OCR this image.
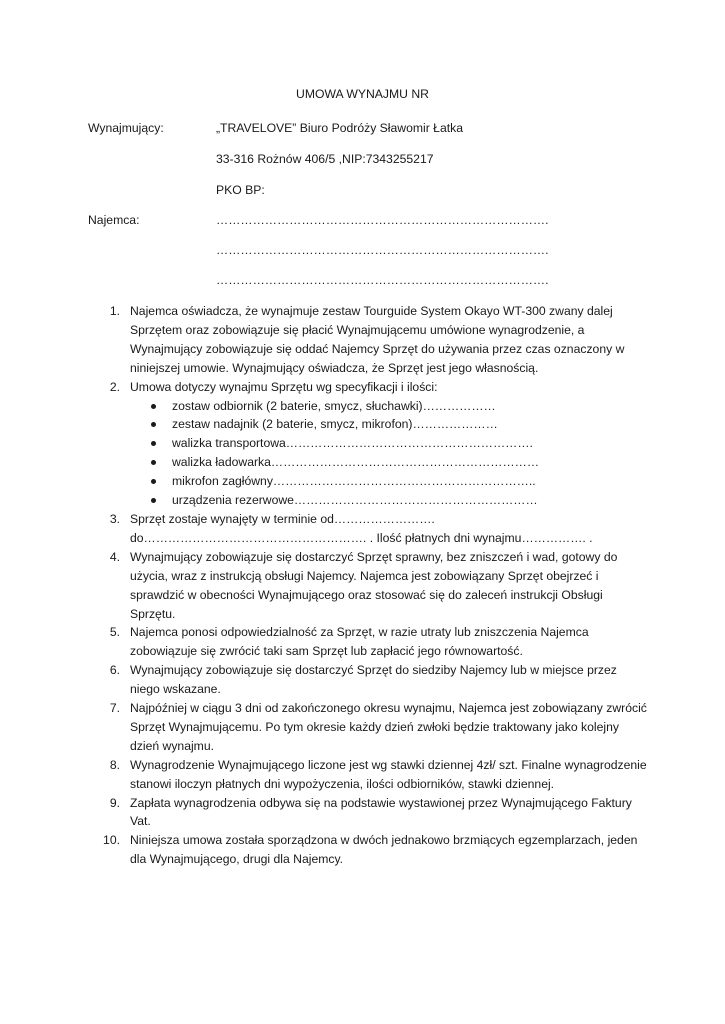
UMOWA WYNAJMU NR
Wynajmujący:	„TRAVELOVE” Biuro Podróży Sławomir Łatka
33-316 Rożnów 406/5 ,NIP:7343255217
PKO BP:
Najemca:	……………………………………………………………………….
……………………………………………………………………….
……………………………………………………………………….
1. Najemca oświadcza, że wynajmuje zestaw Tourguide System Okayo WT-300 zwany dalej Sprzętem oraz zobowiązuje się płacić Wynajmującemu umówione wynagrodzenie, a Wynajmujący zobowiązuje się oddać Najemcy Sprzęt do używania przez czas oznaczony w niniejszej umowie. Wynajmujący oświadcza, że Sprzęt jest jego własnością.
2. Umowa dotyczy wynajmu Sprzętu wg specyfikacji i ilości:
zostaw odbiornik (2 baterie, smycz, słuchawki)………………
zestaw nadajnik (2 baterie, smycz, mikrofon)…………………
walizka transportowa…………………………………………………….
walizka ładowarka…………………………………………………………
mikrofon zagłówny………………………………………………………..
urządzenia rezerwowe……………………………………………………
3. Sprzęt zostaje wynajęty w terminie od……………………. do………………………………………………. . Ilość płatnych dni wynajmu……………. .
4. Wynajmujący zobowiązuje się dostarczyć Sprzęt sprawny, bez zniszczeń i wad, gotowy do użycia, wraz z instrukcją obsługi Najemcy. Najemca jest zobowiązany Sprzęt obejrzeć i sprawdzić w obecności Wynajmującego oraz stosować się do zaleceń instrukcji Obsługi Sprzętu.
5. Najemca ponosi odpowiedzialność za Sprzęt, w razie utraty lub zniszczenia Najemca zobowiązuje się zwrócić taki sam Sprzęt lub zapłacić jego równowartość.
6. Wynajmujący zobowiązuje się dostarczyć Sprzęt do siedziby Najemcy lub w miejsce przez niego wskazane.
7. Najpóźniej w ciągu 3 dni od zakończonego okresu wynajmu, Najemca jest zobowiązany zwrócić Sprzęt Wynajmującemu. Po tym okresie każdy dzień zwłoki będzie traktowany jako kolejny dzień wynajmu.
8. Wynagrodzenie Wynajmującego liczone jest wg stawki dziennej 4zł/ szt. Finalne wynagrodzenie stanowi iloczyn płatnych dni wypożyczenia, ilości odbiorników, stawki dziennej.
9. Zapłata wynagrodzenia odbywa się na podstawie wystawionej przez Wynajmującego Faktury Vat.
10. Niniejsza umowa została sporządzona w dwóch jednakowo brzmiących egzemplarzach, jeden dla Wynajmującego, drugi dla Najemcy.
